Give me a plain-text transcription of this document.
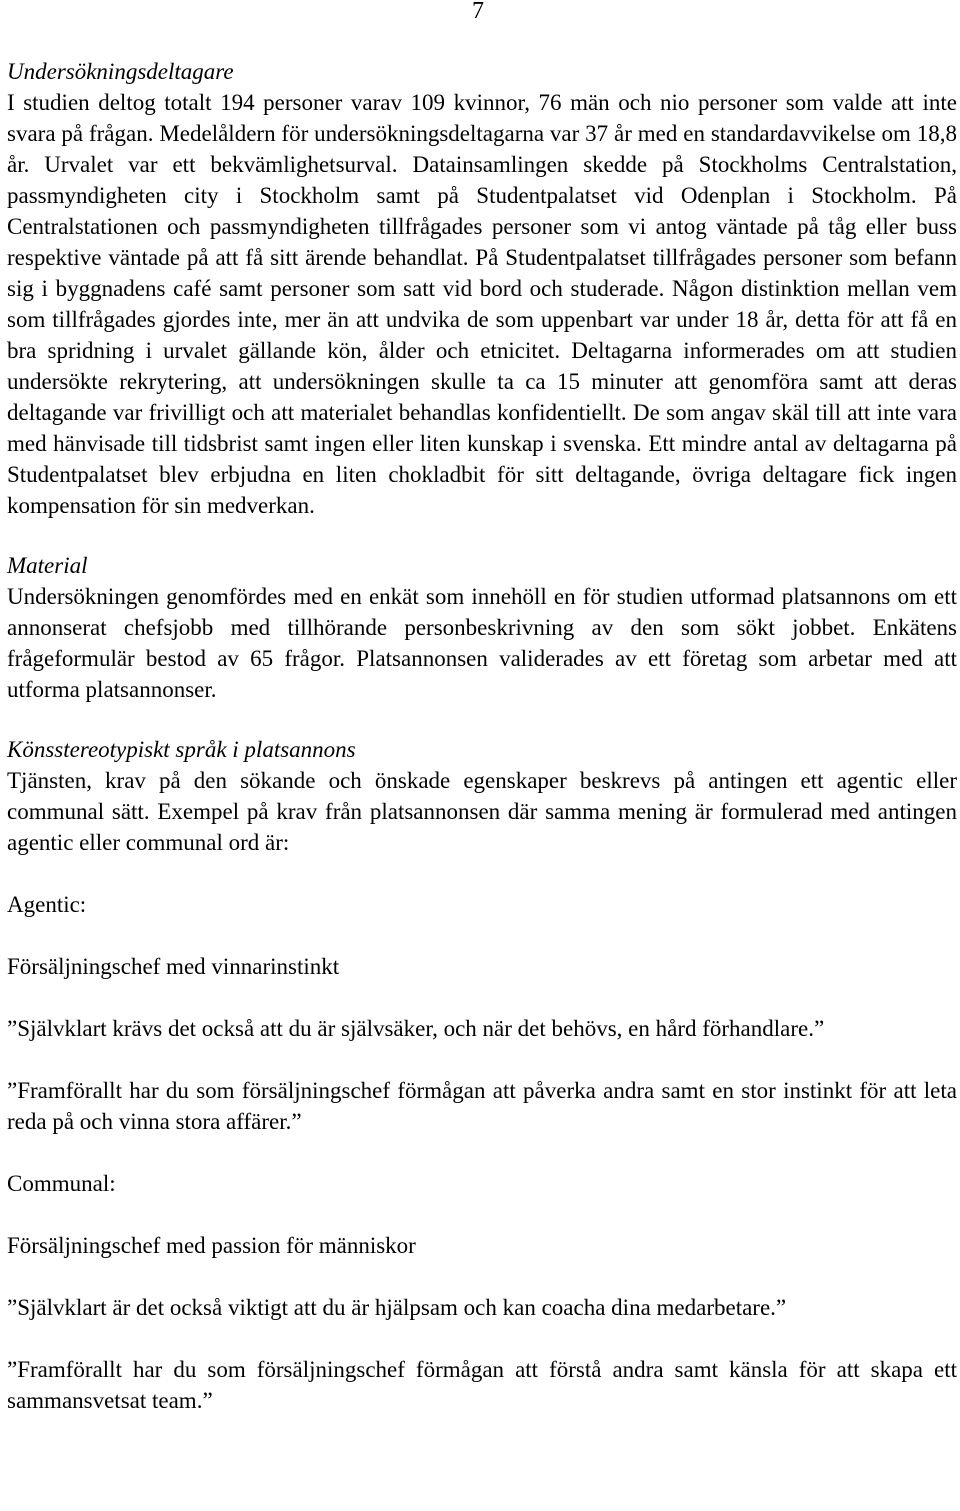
7
Undersökningsdeltagare

I studien deltog totalt 194 personer varav 109 kvinnor, 76 män och nio personer som valde att inte svara på frågan. Medelåldern för undersökningsdeltagarna var 37 år med en standardavvikelse om 18,8 år. Urvalet var ett bekvämlighetsurval. Datainsamlingen skedde på Stockholms Centralstation, passmyndigheten city i Stockholm samt på Studentpalatset vid Odenplan i Stockholm. På Centralstationen och passmyndigheten tillfrågades personer som vi antog väntade på tåg eller buss respektive väntade på att få sitt ärende behandlat. På Studentpalatset tillfrågades personer som befann sig i byggnadens café samt personer som satt vid bord och studerade. Någon distinktion mellan vem som tillfrågades gjordes inte, mer än att undvika de som uppenbart var under 18 år, detta för att få en bra spridning i urvalet gällande kön, ålder och etnicitet. Deltagarna informerades om att studien undersökte rekrytering, att undersökningen skulle ta ca 15 minuter att genomföra samt att deras deltagande var frivilligt och att materialet behandlas konfidentiellt. De som angav skäl till att inte vara med hänvisade till tidsbrist samt ingen eller liten kunskap i svenska. Ett mindre antal av deltagarna på Studentpalatset blev erbjudna en liten chokladbit för sitt deltagande, övriga deltagare fick ingen kompensation för sin medverkan.

Material

Undersökningen genomfördes med en enkät som innehöll en för studien utformad platsannons om ett annonserat chefsjobb med tillhörande personbeskrivning av den som sökt jobbet. Enkätens frågeformulär bestod av 65 frågor. Platsannonsen validerades av ett företag som arbetar med att utforma platsannonser.

Könsstereotypiskt språk i platsannons

Tjänsten, krav på den sökande och önskade egenskaper beskrevs på antingen ett agentic eller communal sätt. Exempel på krav från platsannonsen där samma mening är formulerad med antingen agentic eller communal ord är:

Agentic:

Försäljningschef med vinnarinstinkt

”Självklart krävs det också att du är självsäker, och när det behövs, en hård förhandlare.”

”Framförallt har du som försäljningschef förmågan att påverka andra samt en stor instinkt för att leta reda på och vinna stora affärer.”

Communal:

Försäljningschef med passion för människor

”Självklart är det också viktigt att du är hjälpsam och kan coacha dina medarbetare.”

”Framförallt har du som försäljningschef förmågan att förstå andra samt känsla för att skapa ett sammansvetsat team.”
